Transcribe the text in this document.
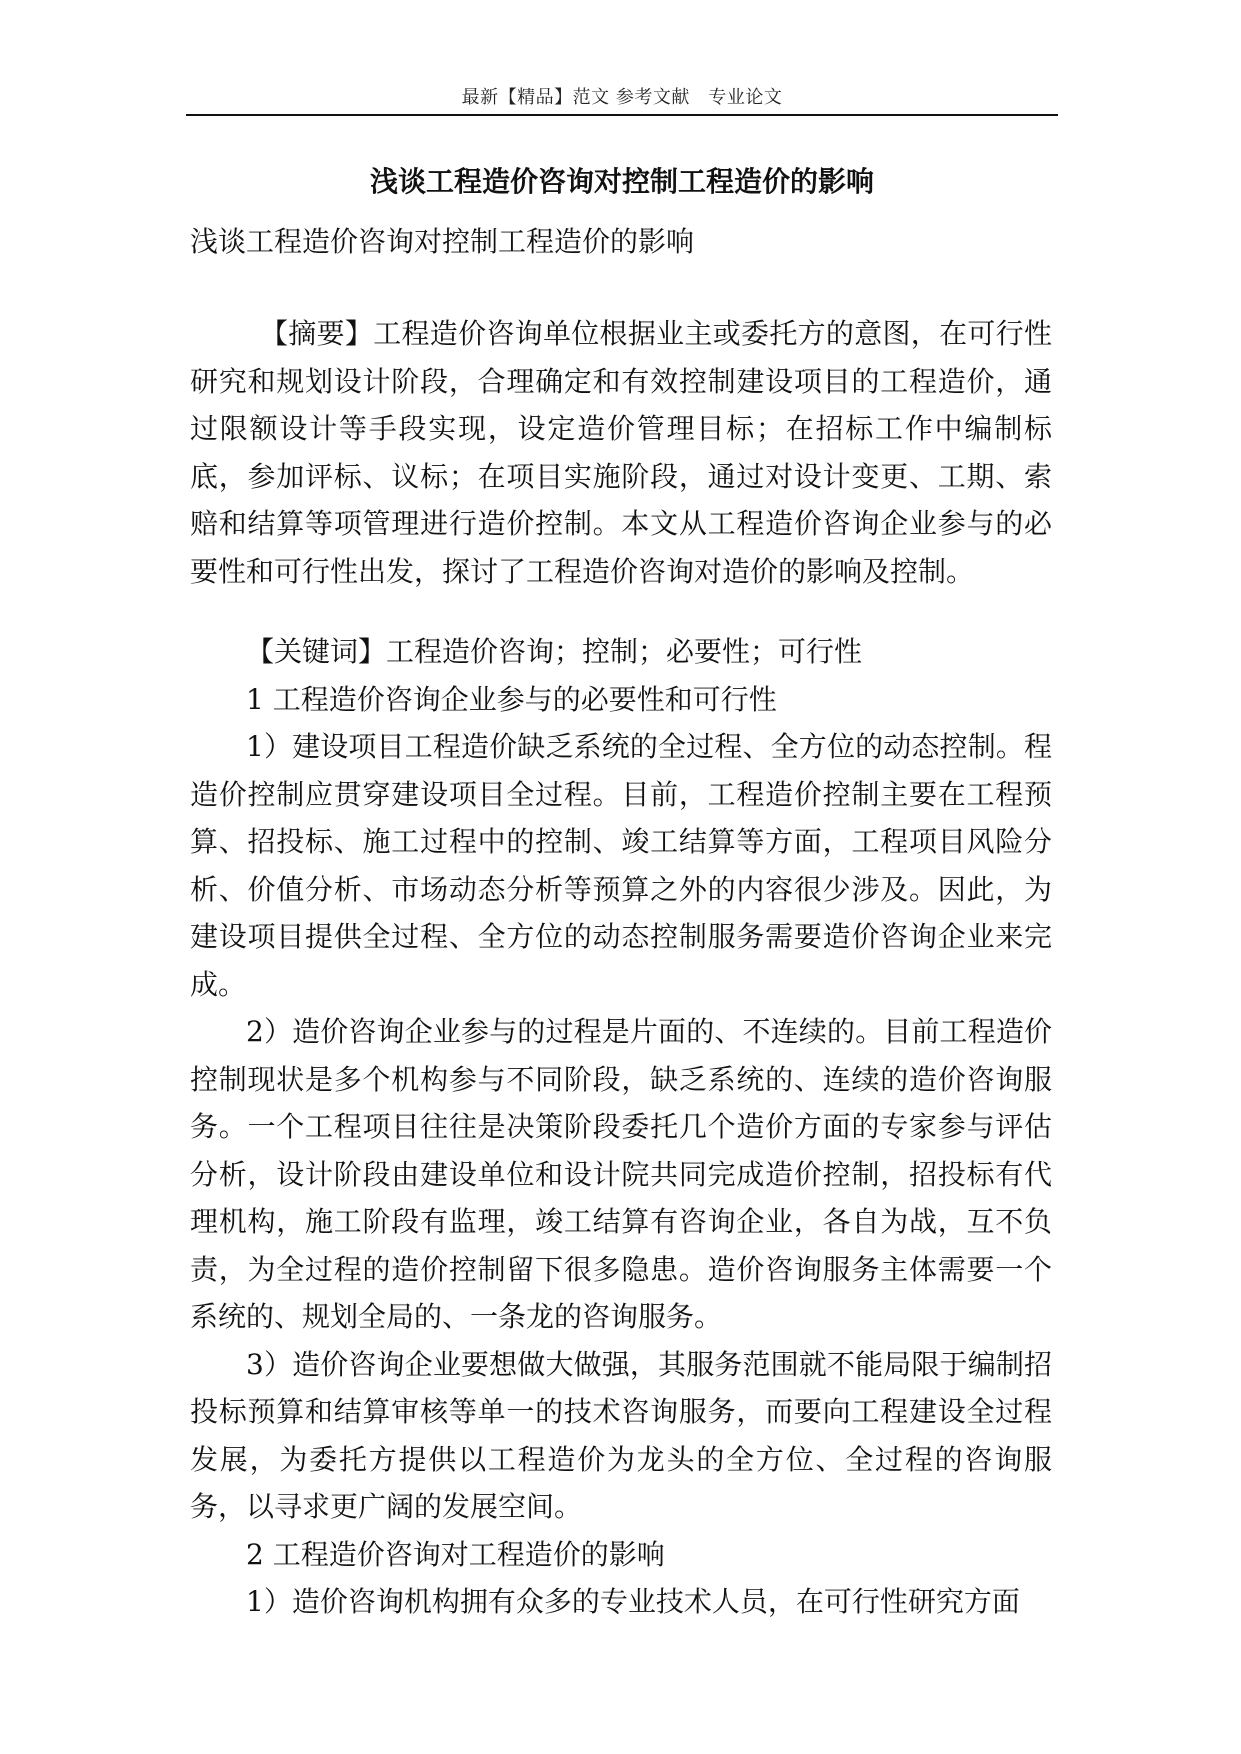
最新【精品】范文 参考文献　专业论文
浅谈工程造价咨询对控制工程造价的影响

浅谈工程造价咨询对控制工程造价的影响

【摘要】工程造价咨询单位根据业主或委托方的意图，在可行性研究和规划设计阶段，合理确定和有效控制建设项目的工程造价，通过限额设计等手段实现，设定造价管理目标；在招标工作中编制标底，参加评标、议标；在项目实施阶段，通过对设计变更、工期、索赔和结算等项管理进行造价控制。本文从工程造价咨询企业参与的必要性和可行性出发，探讨了工程造价咨询对造价的影响及控制。

【关键词】工程造价咨询；控制；必要性；可行性

1 工程造价咨询企业参与的必要性和可行性

1）建设项目工程造价缺乏系统的全过程、全方位的动态控制。程造价控制应贯穿建设项目全过程。目前，工程造价控制主要在工程预算、招投标、施工过程中的控制、竣工结算等方面，工程项目风险分析、价值分析、市场动态分析等预算之外的内容很少涉及。因此，为建设项目提供全过程、全方位的动态控制服务需要造价咨询企业来完成。

2）造价咨询企业参与的过程是片面的、不连续的。目前工程造价控制现状是多个机构参与不同阶段，缺乏系统的、连续的造价咨询服务。一个工程项目往往是决策阶段委托几个造价方面的专家参与评估分析，设计阶段由建设单位和设计院共同完成造价控制，招投标有代理机构，施工阶段有监理，竣工结算有咨询企业，各自为战，互不负责，为全过程的造价控制留下很多隐患。造价咨询服务主体需要一个系统的、规划全局的、一条龙的咨询服务。

3）造价咨询企业要想做大做强，其服务范围就不能局限于编制招投标预算和结算审核等单一的技术咨询服务，而要向工程建设全过程发展，为委托方提供以工程造价为龙头的全方位、全过程的咨询服务，以寻求更广阔的发展空间。

2 工程造价咨询对工程造价的影响

1）造价咨询机构拥有众多的专业技术人员，在可行性研究方面
